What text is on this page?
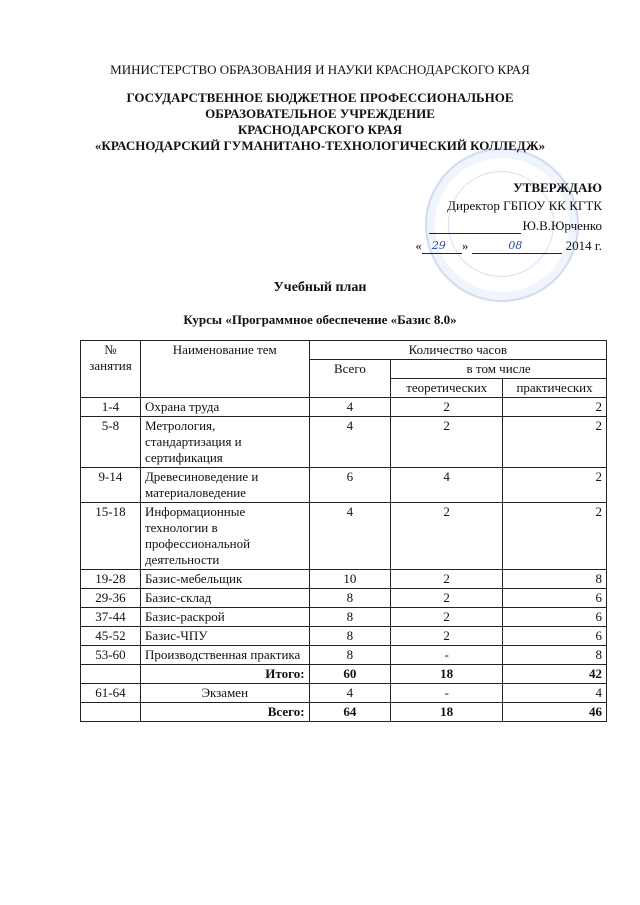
МИНИСТЕРСТВО ОБРАЗОВАНИЯ И НАУКИ КРАСНОДАРСКОГО КРАЯ
ГОСУДАРСТВЕННОЕ БЮДЖЕТНОЕ ПРОФЕССИОНАЛЬНОЕ
ОБРАЗОВАТЕЛЬНОЕ УЧРЕЖДЕНИЕ
КРАСНОДАРСКОГО КРАЯ
«КРАСНОДАРСКИЙ ГУМАНИТАНО-ТЕХНОЛОГИЧЕСКИЙ КОЛЛЕДЖ»
УТВЕРЖДАЮ
Директор ГБПОУ КК КГТК
Ю.В.Юрченко
« 29 »	08	2014 г.
Учебный план
Курсы «Программное обеспечение «Базис 8.0»
№ занятия	Наименование тем	Количество часов		
		Всего	в том числе	
			теоретических	практических
1-4	Охрана труда	4	2	2
5-8	Метрология, стандартизация и сертификация	4	2	2
9-14	Древесиноведение и материаловедение	6	4	2
15-18	Информационные технологии в профессиональной деятельности	4	2	2
19-28	Базис-мебельщик	10	2	8
29-36	Базис-склад	8	2	6
37-44	Базис-раскрой	8	2	6
45-52	Базис-ЧПУ	8	2	6
53-60	Производственная практика	8	-	8
	Итого:	60	18	42
61-64	Экзамен	4	-	4
	Всего:	64	18	46
